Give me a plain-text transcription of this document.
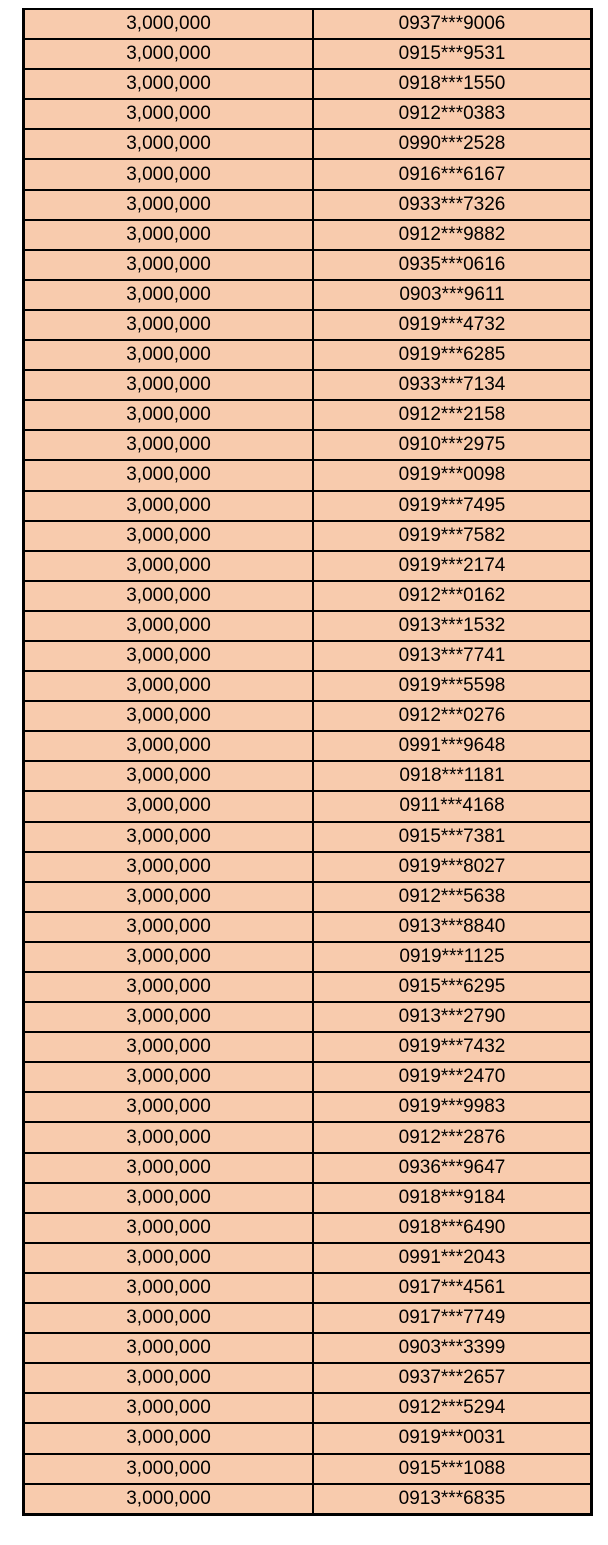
3,000,000	0937***9006
3,000,000	0915***9531
3,000,000	0918***1550
3,000,000	0912***0383
3,000,000	0990***2528
3,000,000	0916***6167
3,000,000	0933***7326
3,000,000	0912***9882
3,000,000	0935***0616
3,000,000	0903***9611
3,000,000	0919***4732
3,000,000	0919***6285
3,000,000	0933***7134
3,000,000	0912***2158
3,000,000	0910***2975
3,000,000	0919***0098
3,000,000	0919***7495
3,000,000	0919***7582
3,000,000	0919***2174
3,000,000	0912***0162
3,000,000	0913***1532
3,000,000	0913***7741
3,000,000	0919***5598
3,000,000	0912***0276
3,000,000	0991***9648
3,000,000	0918***1181
3,000,000	0911***4168
3,000,000	0915***7381
3,000,000	0919***8027
3,000,000	0912***5638
3,000,000	0913***8840
3,000,000	0919***1125
3,000,000	0915***6295
3,000,000	0913***2790
3,000,000	0919***7432
3,000,000	0919***2470
3,000,000	0919***9983
3,000,000	0912***2876
3,000,000	0936***9647
3,000,000	0918***9184
3,000,000	0918***6490
3,000,000	0991***2043
3,000,000	0917***4561
3,000,000	0917***7749
3,000,000	0903***3399
3,000,000	0937***2657
3,000,000	0912***5294
3,000,000	0919***0031
3,000,000	0915***1088
3,000,000	0913***6835
